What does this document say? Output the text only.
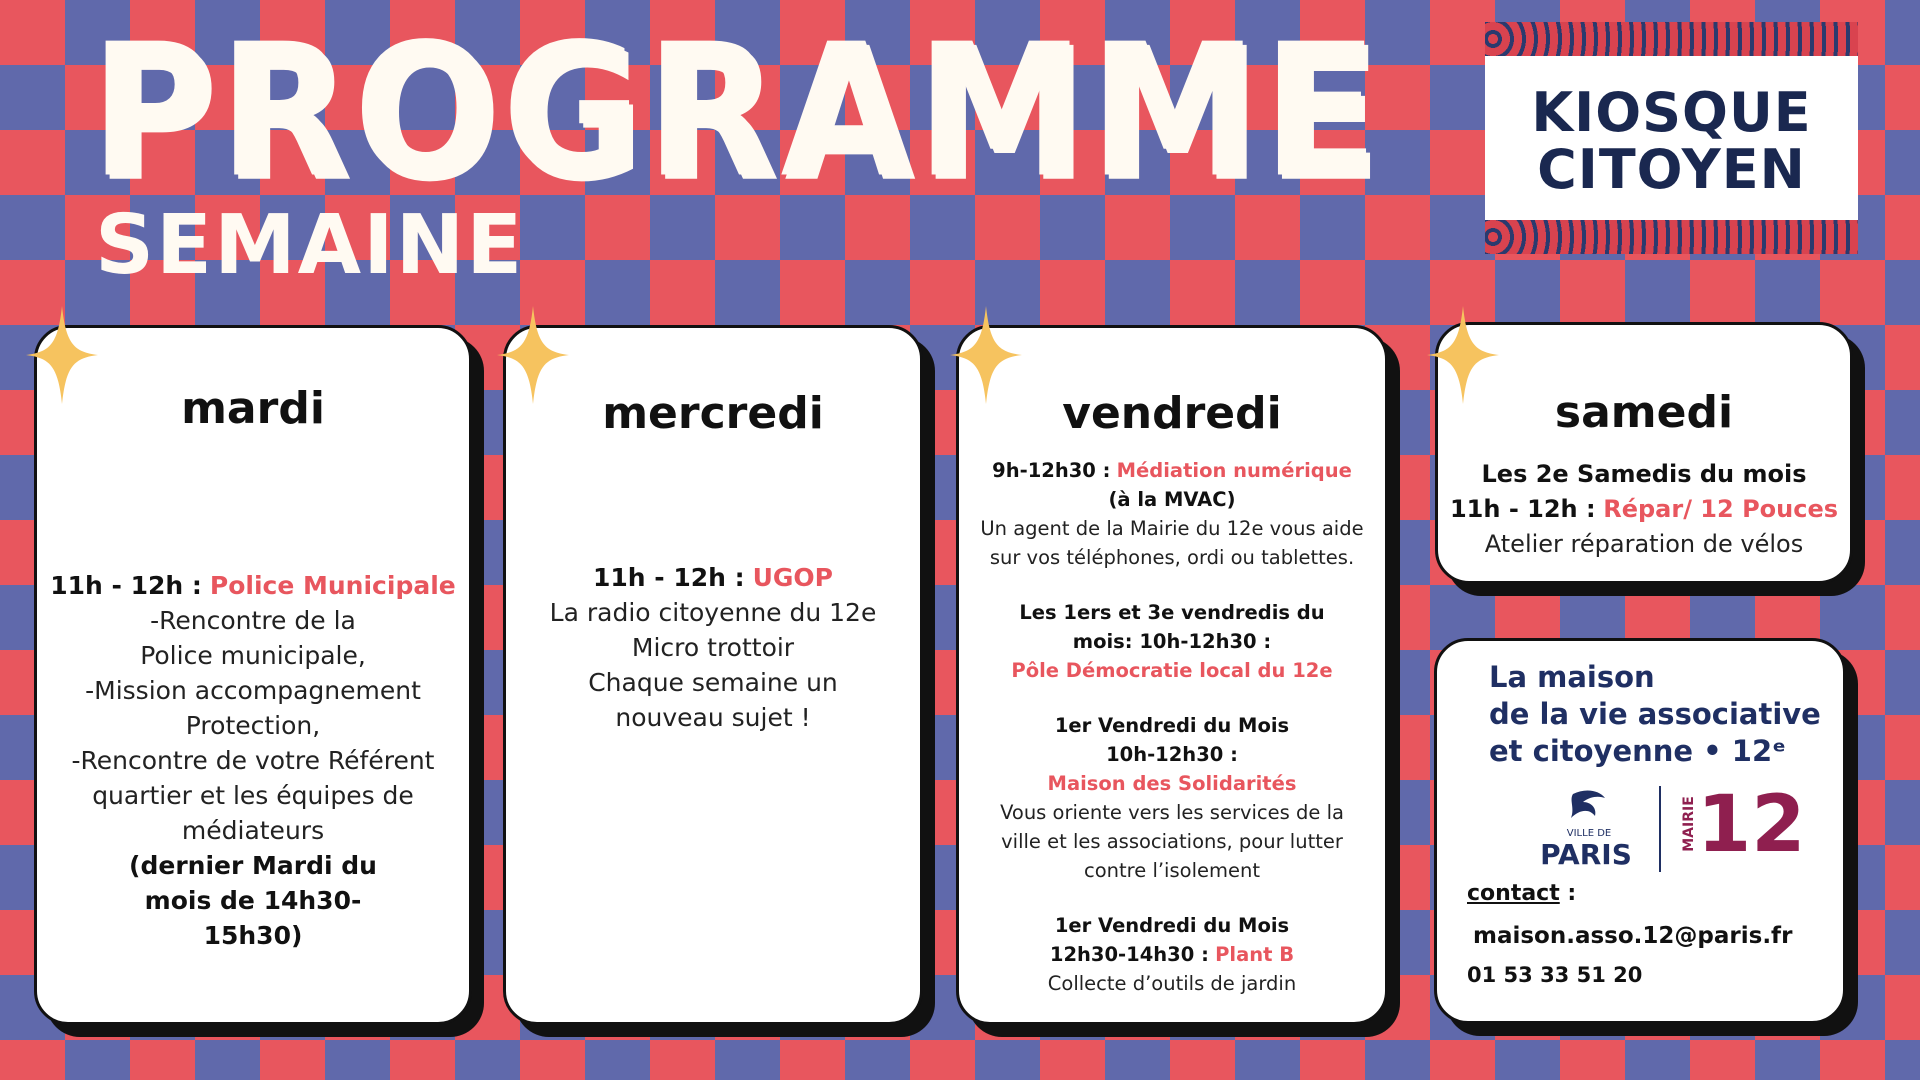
PROGRAMME
SEMAINE
KIOSQUE
CITOYEN
mardi
11h - 12h : Police Municipale
-Rencontre de la
Police municipale,
-Mission accompagnement
Protection,
-Rencontre de votre Référent
quartier et les équipes de
médiateurs
(dernier Mardi du mois de 14h30-15h30)
mercredi
11h - 12h : UGOP
La radio citoyenne du 12e
Micro trottoir
Chaque semaine un
nouveau sujet !
vendredi
9h-12h30 : Médiation numérique
(à la MVAC)
Un agent de la Mairie du 12e vous aide
sur vos téléphones, ordi ou tablettes.
Les 1ers et 3e vendredis du
mois: 10h-12h30 :
Pôle Démocratie local du 12e
1er Vendredi du Mois
10h-12h30 :
Maison des Solidarités
Vous oriente vers les services de la
ville et les associations, pour lutter
contre l’isolement
1er Vendredi du Mois
12h30-14h30 : Plant B
Collecte d’outils de jardin
samedi
Les 2e Samedis du mois
11h - 12h : Répar/ 12 Pouces
Atelier réparation de vélos
La maison
de la vie associative
et citoyenne • 12ᵉ
VILLE DE
PARIS
MAIRIE 12
contact :
maison.asso.12@paris.fr
01 53 33 51 20
